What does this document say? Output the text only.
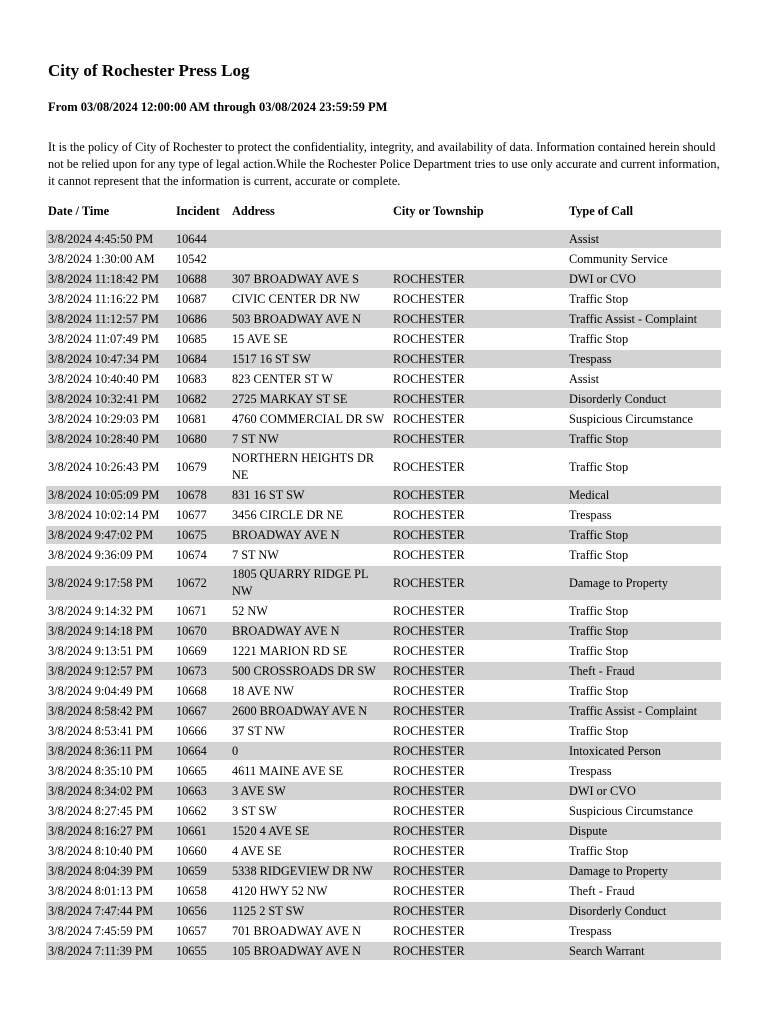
City of Rochester Press Log
From 03/08/2024 12:00:00 AM through 03/08/2024 23:59:59 PM

It is the policy of City of Rochester to protect the confidentiality, integrity, and availability of data. Information contained herein should not be relied upon for any type of legal action.While the Rochester Police Department tries to use only accurate and current information, it cannot represent that the information is current, accurate or complete.

Date / Time	Incident	Address	City or Township	Type of Call
3/8/2024 4:45:50 PM	10644			Assist
3/8/2024 1:30:00 AM	10542			Community Service
3/8/2024 11:18:42 PM	10688	307 BROADWAY AVE S	ROCHESTER	DWI or CVO
3/8/2024 11:16:22 PM	10687	CIVIC CENTER DR NW	ROCHESTER	Traffic Stop
3/8/2024 11:12:57 PM	10686	503 BROADWAY AVE N	ROCHESTER	Traffic Assist - Complaint
3/8/2024 11:07:49 PM	10685	15 AVE SE	ROCHESTER	Traffic Stop
3/8/2024 10:47:34 PM	10684	1517 16 ST SW	ROCHESTER	Trespass
3/8/2024 10:40:40 PM	10683	823 CENTER ST W	ROCHESTER	Assist
3/8/2024 10:32:41 PM	10682	2725 MARKAY ST SE	ROCHESTER	Disorderly Conduct
3/8/2024 10:29:03 PM	10681	4760 COMMERCIAL DR SW	ROCHESTER	Suspicious Circumstance
3/8/2024 10:28:40 PM	10680	7 ST NW	ROCHESTER	Traffic Stop
3/8/2024 10:26:43 PM	10679	NORTHERN HEIGHTS DR NE	ROCHESTER	Traffic Stop
3/8/2024 10:05:09 PM	10678	831 16 ST SW	ROCHESTER	Medical
3/8/2024 10:02:14 PM	10677	3456 CIRCLE DR NE	ROCHESTER	Trespass
3/8/2024 9:47:02 PM	10675	BROADWAY AVE N	ROCHESTER	Traffic Stop
3/8/2024 9:36:09 PM	10674	7 ST NW	ROCHESTER	Traffic Stop
3/8/2024 9:17:58 PM	10672	1805 QUARRY RIDGE PL NW	ROCHESTER	Damage to Property
3/8/2024 9:14:32 PM	10671	52 NW	ROCHESTER	Traffic Stop
3/8/2024 9:14:18 PM	10670	BROADWAY AVE N	ROCHESTER	Traffic Stop
3/8/2024 9:13:51 PM	10669	1221 MARION RD SE	ROCHESTER	Traffic Stop
3/8/2024 9:12:57 PM	10673	500 CROSSROADS DR SW	ROCHESTER	Theft - Fraud
3/8/2024 9:04:49 PM	10668	18 AVE NW	ROCHESTER	Traffic Stop
3/8/2024 8:58:42 PM	10667	2600 BROADWAY AVE N	ROCHESTER	Traffic Assist - Complaint
3/8/2024 8:53:41 PM	10666	37 ST NW	ROCHESTER	Traffic Stop
3/8/2024 8:36:11 PM	10664	0	ROCHESTER	Intoxicated Person
3/8/2024 8:35:10 PM	10665	4611 MAINE AVE SE	ROCHESTER	Trespass
3/8/2024 8:34:02 PM	10663	3 AVE SW	ROCHESTER	DWI or CVO
3/8/2024 8:27:45 PM	10662	3 ST SW	ROCHESTER	Suspicious Circumstance
3/8/2024 8:16:27 PM	10661	1520 4 AVE SE	ROCHESTER	Dispute
3/8/2024 8:10:40 PM	10660	4 AVE SE	ROCHESTER	Traffic Stop
3/8/2024 8:04:39 PM	10659	5338 RIDGEVIEW DR NW	ROCHESTER	Damage to Property
3/8/2024 8:01:13 PM	10658	4120 HWY 52 NW	ROCHESTER	Theft - Fraud
3/8/2024 7:47:44 PM	10656	1125 2 ST SW	ROCHESTER	Disorderly Conduct
3/8/2024 7:45:59 PM	10657	701 BROADWAY AVE N	ROCHESTER	Trespass
3/8/2024 7:11:39 PM	10655	105 BROADWAY AVE N	ROCHESTER	Search Warrant
